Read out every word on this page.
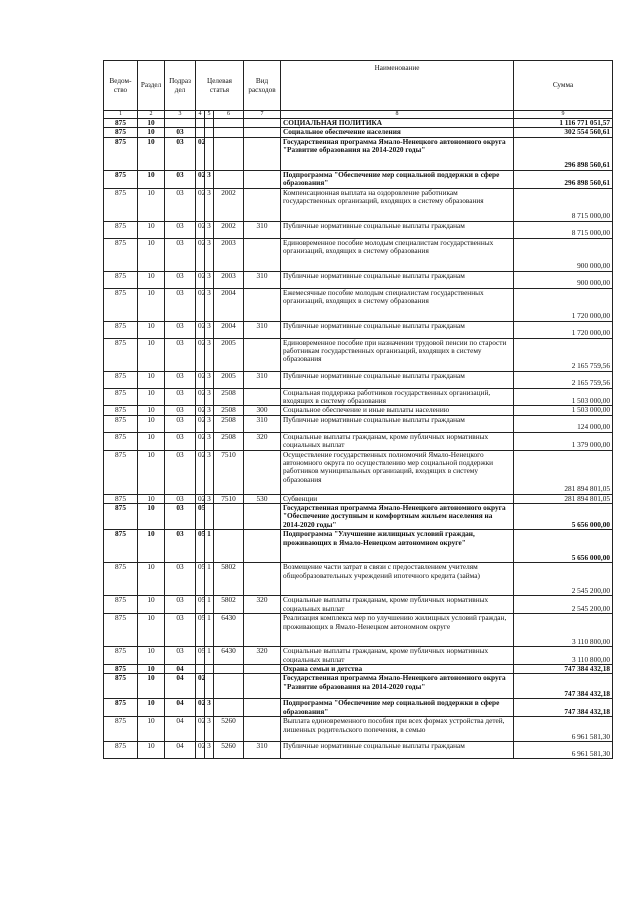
Ведом-ство	Раздел	Подраз дел	Целевая статья			Вид расходов	Наименование	Сумма
1	2	3	4	5	6	7	8	9
875	10						СОЦИАЛЬНАЯ ПОЛИТИКА	1 116 771 051,57
875	10	03					Социальное обеспечение населения	302 554 560,61
875	10	03	02				Государственная программа Ямало-Ненецкого автономного округа "Развитие образования на 2014-2020 годы"	296 898 560,61
875	10	03	02	3			Подпрограмма "Обеспечение мер социальной поддержки в сфере образования"	296 898 560,61
875	10	03	02	3	2002		Компенсационная выплата на оздоровление работникам государственных организаций, входящих в систему образования	8 715 000,00
875	10	03	02	3	2002	310	Публичные нормативные социальные выплаты гражданам	8 715 000,00
875	10	03	02	3	2003		Единовременное пособие молодым специалистам государственных организаций, входящих в систему образования	900 000,00
875	10	03	02	3	2003	310	Публичные нормативные социальные выплаты гражданам	900 000,00
875	10	03	02	3	2004		Ежемесячные пособие молодым специалистам государственных организаций, входящих в систему образования	1 720 000,00
875	10	03	02	3	2004	310	Публичные нормативные социальные выплаты гражданам	1 720 000,00
875	10	03	02	3	2005		Единовременное пособие при назначении трудовой пенсии по старости работникам государственных организаций, входящих в систему образования	2 165 759,56
875	10	03	02	3	2005	310	Публичные нормативные социальные выплаты гражданам	2 165 759,56
875	10	03	02	3	2508		Социальная поддержка работников государственных организаций, входящих в систему образования	1 503 000,00
875	10	03	02	3	2508	300	Социальное обеспечение и иные выплаты населению	1 503 000,00
875	10	03	02	3	2508	310	Публичные нормативные социальные выплаты гражданам	124 000,00
875	10	03	02	3	2508	320	Социальные выплаты гражданам, кроме публичных нормативных социальных выплат	1 379 000,00
875	10	03	02	3	7510		Осуществление государственных полномочий Ямало-Ненецкого автономного округа по осуществлению мер социальной поддержки работников муниципальных организаций, входящих в систему образования	281 894 801,05
875	10	03	02	3	7510	530	Субвенции	281 894 801,05
875	10	03	05				Государственная программа Ямало-Ненецкого автономного округа "Обеспечение доступным и комфортным жильем населения на 2014-2020 годы"	5 656 000,00
875	10	03	05	1			Подпрограмма "Улучшение жилищных условий граждан, проживающих в Ямало-Ненецком автономном округе"	5 656 000,00
875	10	03	05	1	5802		Возмещение части затрат в связи с предоставлением учителям общеобразовательных учреждений ипотечного кредита (займа)	2 545 200,00
875	10	03	05	1	5802	320	Социальные выплаты гражданам, кроме публичных нормативных социальных выплат	2 545 200,00
875	10	03	05	1	6430		Реализация комплекса мер по улучшению жилищных условий граждан, проживающих в Ямало-Ненецком автономном округе	3 110 800,00
875	10	03	05	1	6430	320	Социальные выплаты гражданам, кроме публичных нормативных социальных выплат	3 110 800,00
875	10	04					Охрана семьи и детства	747 384 432,18
875	10	04	02				Государственная программа Ямало-Ненецкого автономного округа "Развитие образования на 2014-2020 годы"	747 384 432,18
875	10	04	02	3			Подпрограмма "Обеспечение мер социальной поддержки в сфере образования"	747 384 432,18
875	10	04	02	3	5260		Выплата единовременного пособия при всех формах устройства детей, лишенных родительского попечения, в семью	6 961 581,30
875	10	04	02	3	5260	310	Публичные нормативные социальные выплаты гражданам	6 961 581,30
